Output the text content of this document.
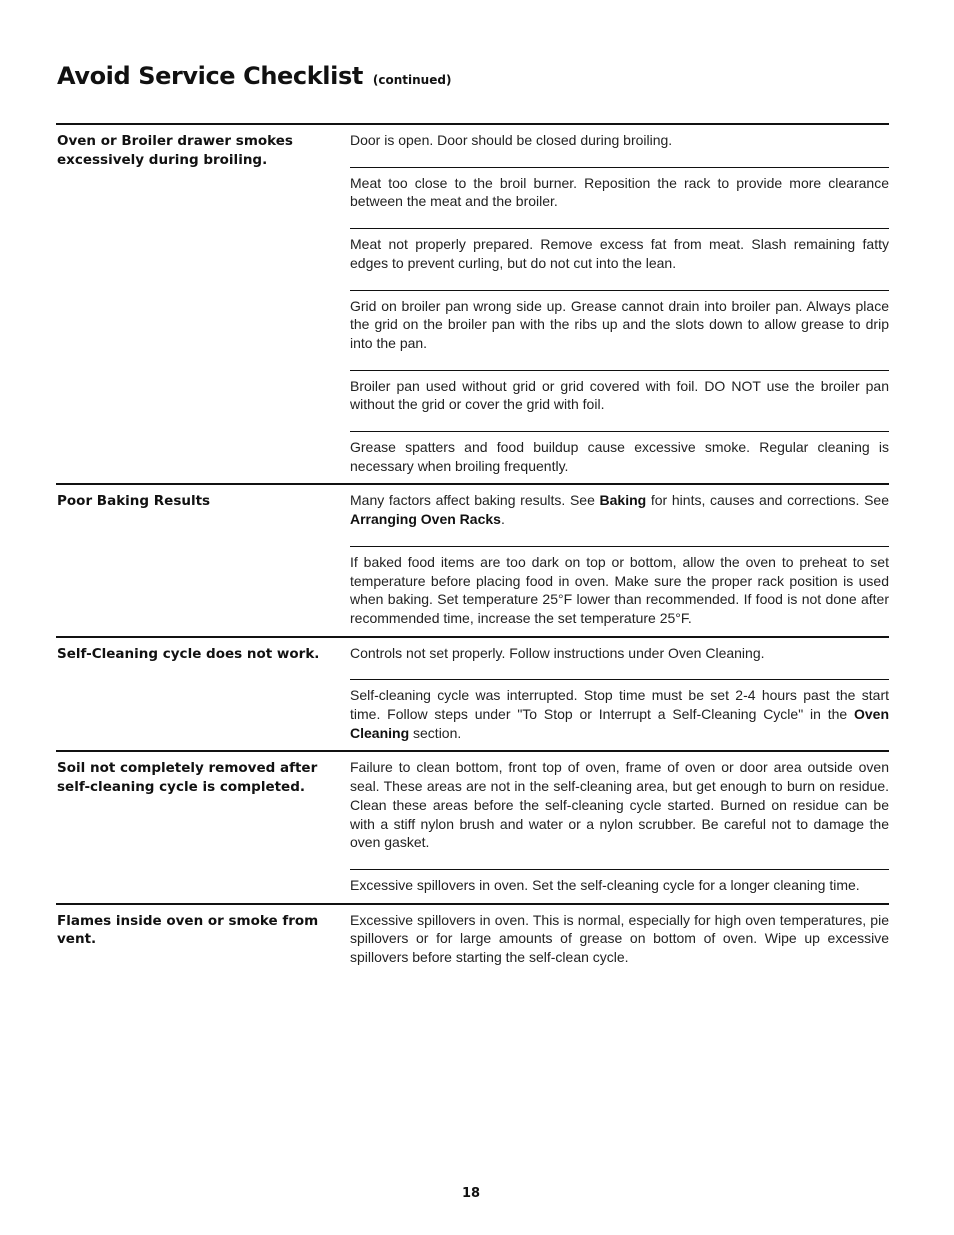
Avoid Service Checklist (continued)
Oven or Broiler drawer smokes excessively during broiling.
Door is open. Door should be closed during broiling.
Meat too close to the broil burner. Reposition the rack to provide more clearance between the meat and the broiler.
Meat not properly prepared. Remove excess fat from meat. Slash remaining fatty edges to prevent curling, but do not cut into the lean.
Grid on broiler pan wrong side up. Grease cannot drain into broiler pan. Always place the grid on the broiler pan with the ribs up and the slots down to allow grease to drip into the pan.
Broiler pan used without grid or grid covered with foil. DO NOT use the broiler pan without the grid or cover the grid with foil.
Grease spatters and food buildup cause excessive smoke. Regular cleaning is necessary when broiling frequently.
Poor Baking Results	Many factors affect baking results. See Baking for hints, causes and corrections. See Arranging Oven Racks.
If baked food items are too dark on top or bottom, allow the oven to preheat to set temperature before placing food in oven. Make sure the proper rack position is used when baking. Set temperature 25°F lower than recommended. If food is not done after recommended time, increase the set temperature 25°F.
Self-Cleaning cycle does not work.	Controls not set properly. Follow instructions under Oven Cleaning.
Self-cleaning cycle was interrupted. Stop time must be set 2-4 hours past the start time. Follow steps under "To Stop or Interrupt a Self-Cleaning Cycle" in the Oven Cleaning section.
Soil not completely removed after self-cleaning cycle is completed.
Failure to clean bottom, front top of oven, frame of oven or door area outside oven seal. These areas are not in the self-cleaning area, but get enough to burn on residue. Clean these areas before the self-cleaning cycle started. Burned on residue can be with a stiff nylon brush and water or a nylon scrubber. Be careful not to damage the oven gasket.
Excessive spillovers in oven. Set the self-cleaning cycle for a longer cleaning time.
Flames inside oven or smoke from vent.
Excessive spillovers in oven. This is normal, especially for high oven temperatures, pie spillovers or for large amounts of grease on bottom of oven. Wipe up excessive spillovers before starting the self-clean cycle.
18
